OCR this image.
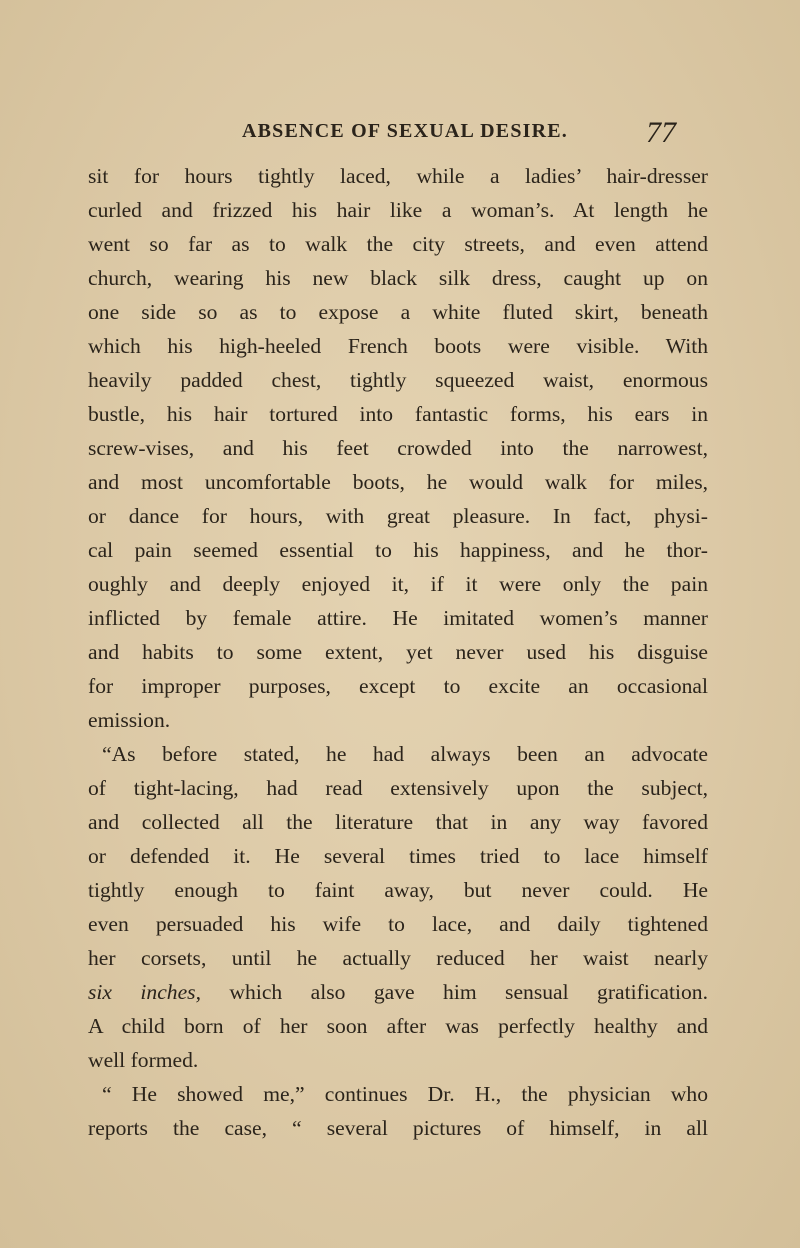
ABSENCE OF SEXUAL DESIRE.	77
sit for hours tightly laced, while a ladies’ hair-dresser
curled and frizzed his hair like a woman’s. At length he
went so far as to walk the city streets, and even attend
church, wearing his new black silk dress, caught up on
one side so as to expose a white fluted skirt, beneath
which his high-heeled French boots were visible. With
heavily padded chest, tightly squeezed waist, enormous
bustle, his hair tortured into fantastic forms, his ears in
screw-vises, and his feet crowded into the narrowest,
and most uncomfortable boots, he would walk for miles,
or dance for hours, with great pleasure. In fact, physi-
cal pain seemed essential to his happiness, and he thor-
oughly and deeply enjoyed it, if it were only the pain
inflicted by female attire. He imitated women’s manner
and habits to some extent, yet never used his disguise
for improper purposes, except to excite an occasional
emission.
“As before stated, he had always been an advocate
of tight-lacing, had read extensively upon the subject,
and collected all the literature that in any way favored
or defended it. He several times tried to lace himself
tightly enough to faint away, but never could. He
even persuaded his wife to lace, and daily tightened
her corsets, until he actually reduced her waist nearly
six inches, which also gave him sensual gratification.
A child born of her soon after was perfectly healthy and
well formed.
“ He showed me,” continues Dr. H., the physician who
reports the case, “ several pictures of himself, in all
